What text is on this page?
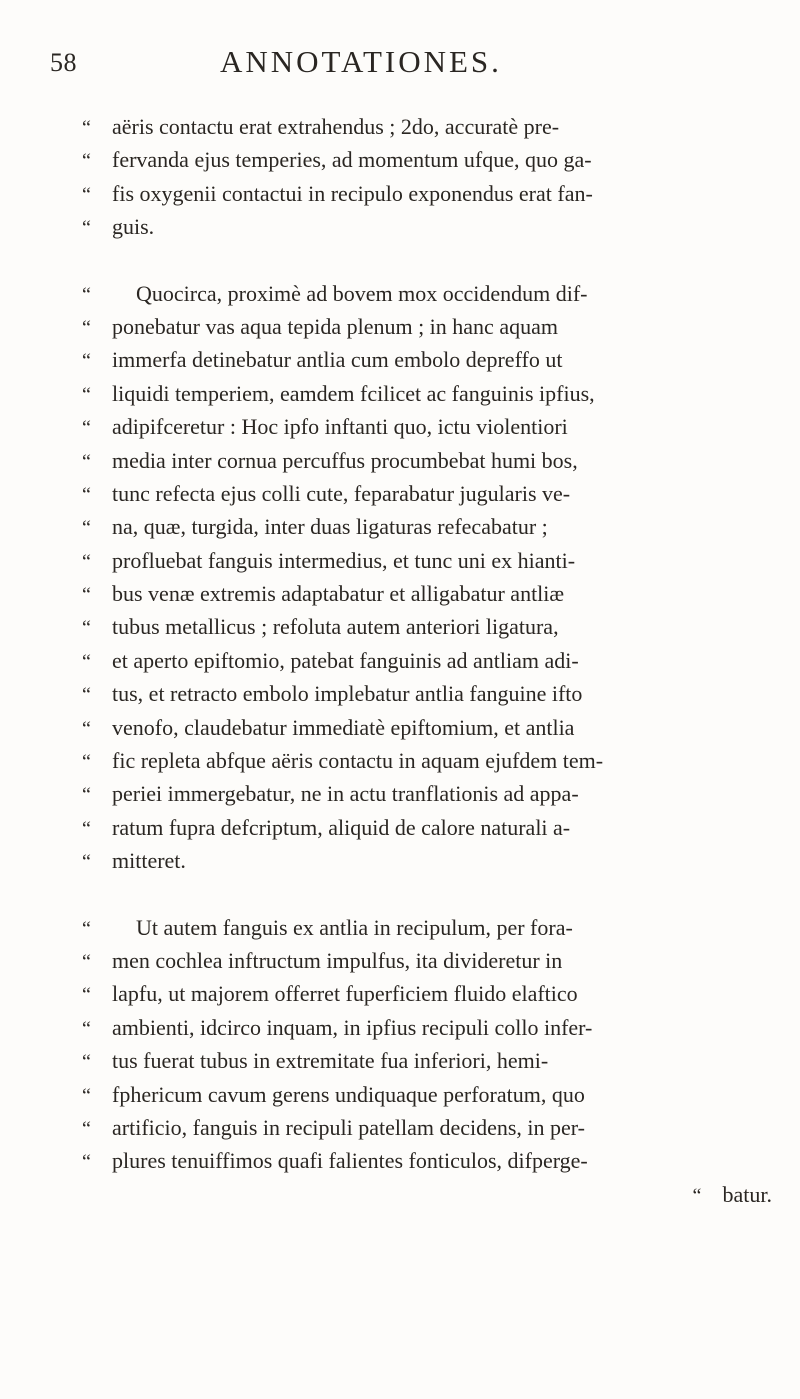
58	ANNOTATIONES.
“ aëris contactu erat extrahendus ; 2do, accuratè pre-
“ fervanda ejus temperies, ad momentum ufque, quo ga-
“ fis oxygenii contactui in recipulo exponendus erat fan-
“ guis.
“	Quocirca, proximè ad bovem mox occidendum dif-
“ ponebatur vas aqua tepida plenum ; in hanc aquam
“ immerfa detinebatur antlia cum embolo depreffo ut
“ liquidi temperiem, eamdem fcilicet ac fanguinis ipfius,
“ adipifceretur : Hoc ipfo inftanti quo, ictu violentiori
“ media inter cornua percuffus procumbebat humi bos,
“ tunc refecta ejus colli cute, feparabatur jugularis ve-
“ na, quæ, turgida, inter duas ligaturas refecabatur ;
“ profluebat fanguis intermedius, et tunc uni ex hianti-
“ bus venæ extremis adaptabatur et alligabatur antliæ
“ tubus metallicus ; refoluta autem anteriori ligatura,
“ et aperto epiftomio, patebat fanguinis ad antliam adi-
“ tus, et retracto embolo implebatur antlia fanguine ifto
“ venofo, claudebatur immediatè epiftomium, et antlia
“ fic repleta abfque aëris contactu in aquam ejufdem tem-
“ periei immergebatur, ne in actu tranflationis ad appa-
“ ratum fupra defcriptum, aliquid de calore naturali a-
“ mitteret.
“	Ut autem fanguis ex antlia in recipulum, per fora-
“ men cochlea inftructum impulfus, ita divideretur in
“ lapfu, ut majorem offerret fuperficiem fluido elaftico
“ ambienti, idcirco inquam, in ipfius recipuli collo infer-
“ tus fuerat tubus in extremitate fua inferiori, hemi-
“ fphericum cavum gerens undiquaque perforatum, quo
“ artificio, fanguis in recipuli patellam decidens, in per-
“ plures tenuiffimos quafi falientes fonticulos, difperge-
“ batur.
